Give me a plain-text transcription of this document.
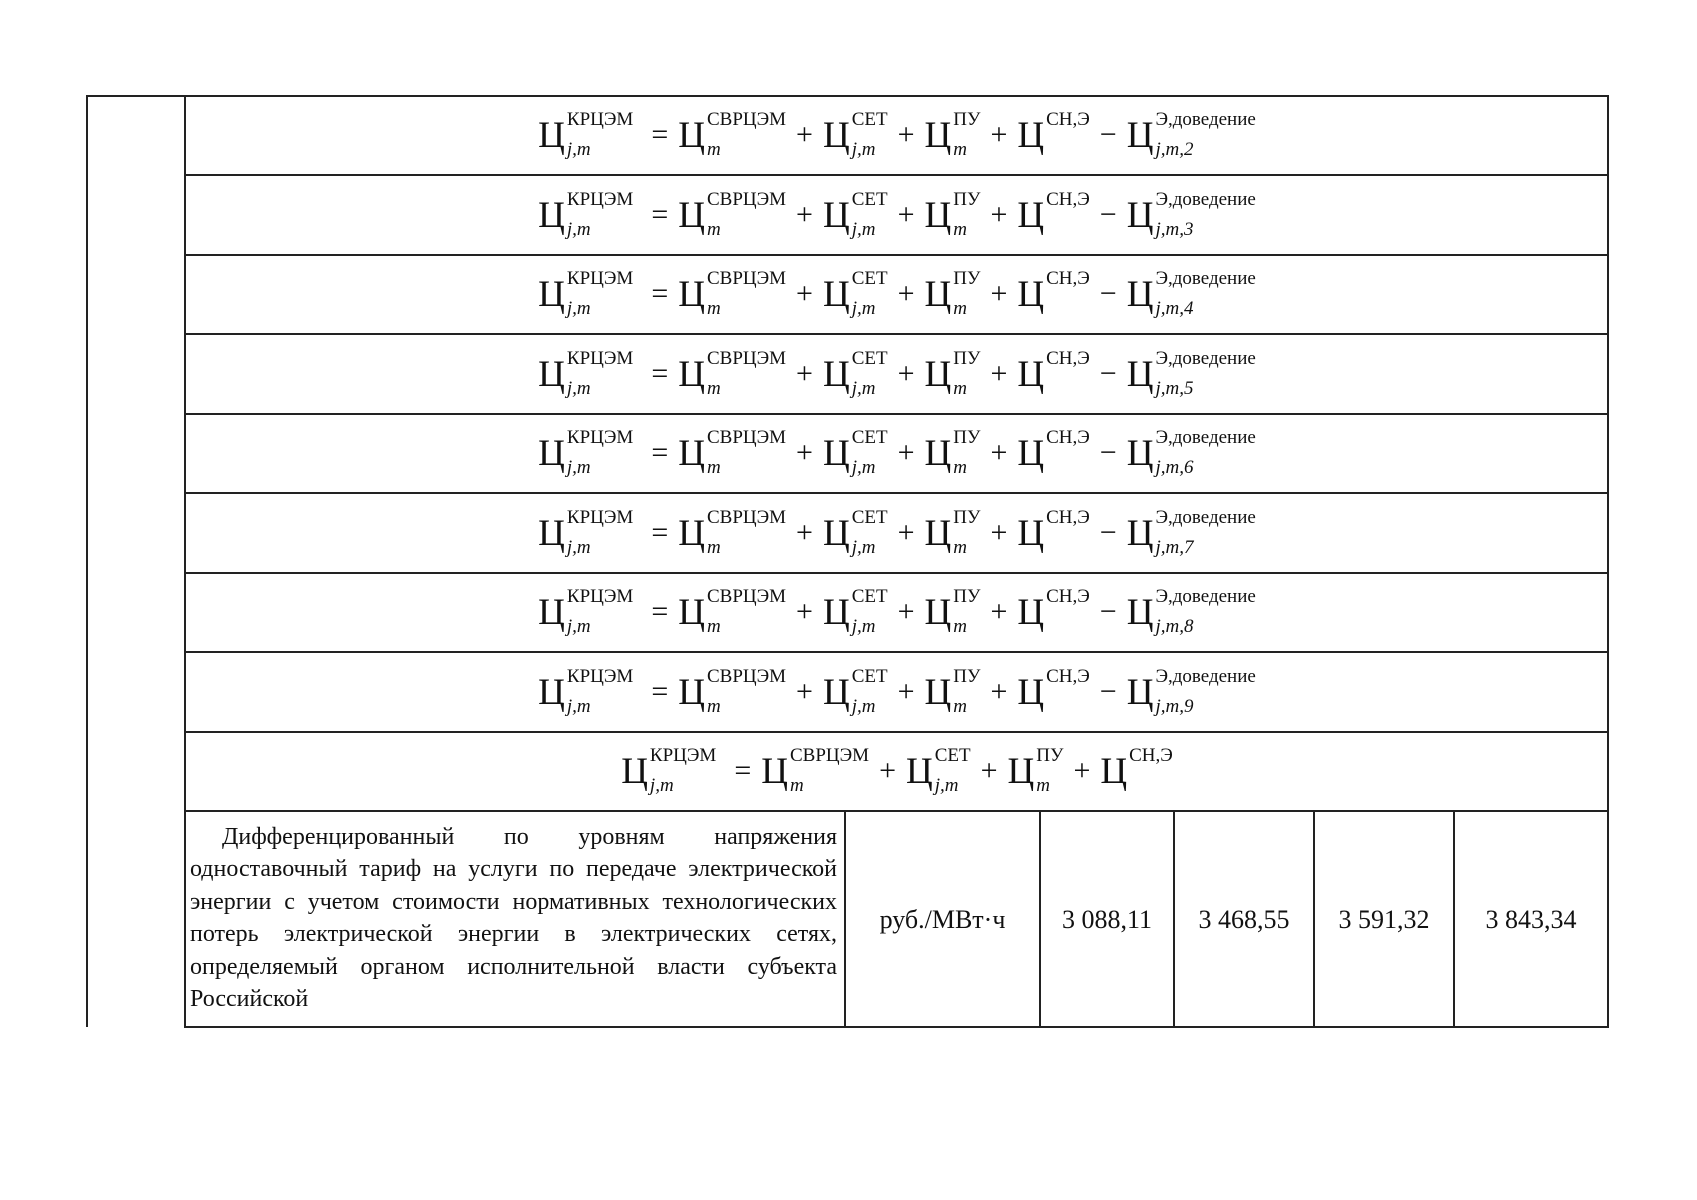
Ц КРЦЭМ
j,m	= Ц СВРЦЭМ
m	+ Ц СЕТ
j,m + Ц ПУ
m + Ц СН,Э − Ц Э,доведение
j,m,2
Ц КРЦЭМ
j,m	= Ц СВРЦЭМ
m	+ Ц СЕТ
j,m + Ц ПУ
m + Ц СН,Э − Ц Э,доведение
j,m,3
Ц КРЦЭМ
j,m	= Ц СВРЦЭМ
m	+ Ц СЕТ
j,m + Ц ПУ
m + Ц СН,Э − Ц Э,доведение
j,m,4
Ц КРЦЭМ
j,m	= Ц СВРЦЭМ
m	+ Ц СЕТ
j,m + Ц ПУ
m + Ц СН,Э − Ц Э,доведение
j,m,5
Ц КРЦЭМ
j,m	= Ц СВРЦЭМ
m	+ Ц СЕТ
j,m + Ц ПУ
m + Ц СН,Э − Ц Э,доведение
j,m,6
Ц КРЦЭМ
j,m	= Ц СВРЦЭМ
m	+ Ц СЕТ
j,m + Ц ПУ
m + Ц СН,Э − Ц Э,доведение
j,m,7
Ц КРЦЭМ
j,m	= Ц СВРЦЭМ
m	+ Ц СЕТ
j,m + Ц ПУ
m + Ц СН,Э − Ц Э,доведение
j,m,8
Ц КРЦЭМ
j,m	= Ц СВРЦЭМ
m	+ Ц СЕТ
j,m + Ц ПУ
m + Ц СН,Э − Ц Э,доведение
j,m,9
Ц КРЦЭМ
j,m	= Ц СВРЦЭМ
m	+ Ц СЕТ
j,m + Ц ПУ
m + Ц СН,Э
Дифференцированный по уровням напряжения одноставочный тариф на услуги по передаче электрической энергии с учетом стоимости нормативных технологических потерь электрической энергии в электрических сетях, определяемый органом исполнительной власти субъекта Российской
руб./МВт·ч	3 088,11	3 468,55	3 591,32	3 843,34
